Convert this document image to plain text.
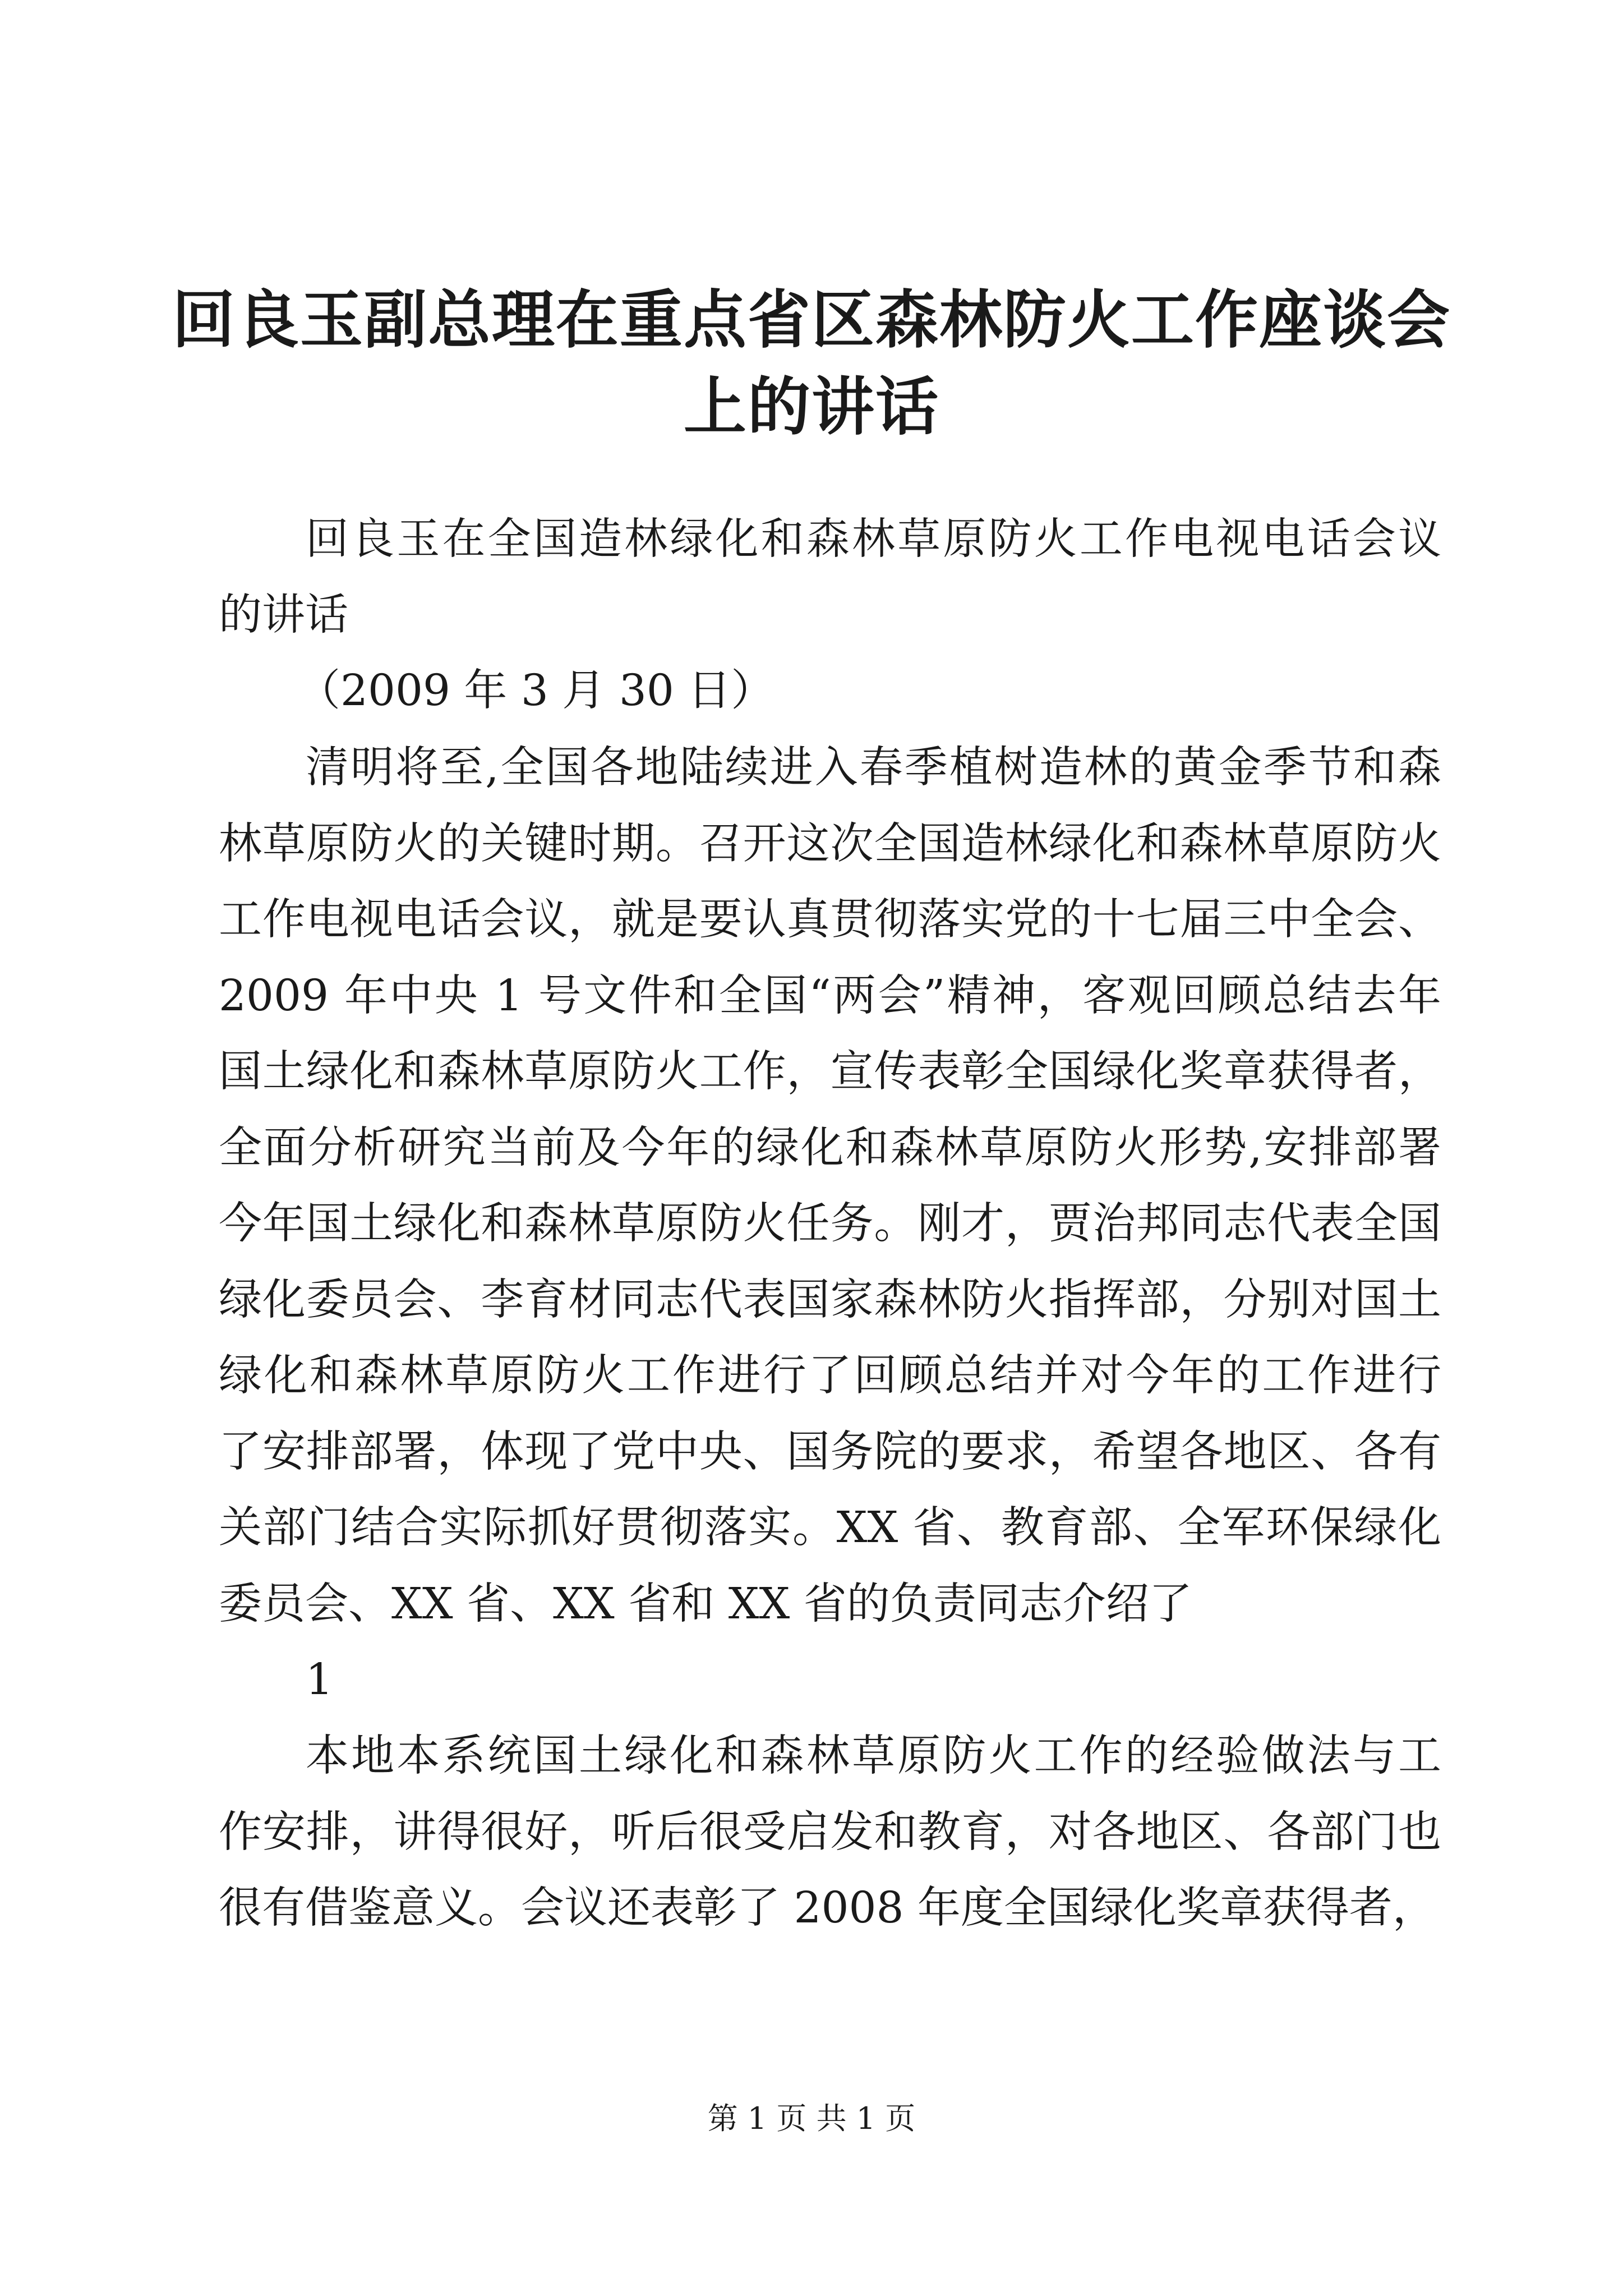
回良玉副总理在重点省区森林防火工作座谈会
上的讲话
回良玉在全国造林绿化和森林草原防火工作电视电话会议
的讲话
（2009 年 3 月 30 日）
清明将至,全国各地陆续进入春季植树造林的黄金季节和森
林草原防火的关键时期。召开这次全国造林绿化和森林草原防火
工作电视电话会议，就是要认真贯彻落实党的十七届三中全会、
2009 年中央 1 号文件和全国“两会”精神，客观回顾总结去年
国土绿化和森林草原防火工作，宣传表彰全国绿化奖章获得者，
全面分析研究当前及今年的绿化和森林草原防火形势,安排部署
今年国土绿化和森林草原防火任务。刚才，贾治邦同志代表全国
绿化委员会、李育材同志代表国家森林防火指挥部，分别对国土
绿化和森林草原防火工作进行了回顾总结并对今年的工作进行
了安排部署，体现了党中央、国务院的要求，希望各地区、各有
关部门结合实际抓好贯彻落实。XX 省、教育部、全军环保绿化
委员会、XX 省、XX 省和 XX 省的负责同志介绍了
1
本地本系统国土绿化和森林草原防火工作的经验做法与工
作安排，讲得很好，听后很受启发和教育，对各地区、各部门也
很有借鉴意义。会议还表彰了 2008 年度全国绿化奖章获得者，
第 1 页 共 1 页
